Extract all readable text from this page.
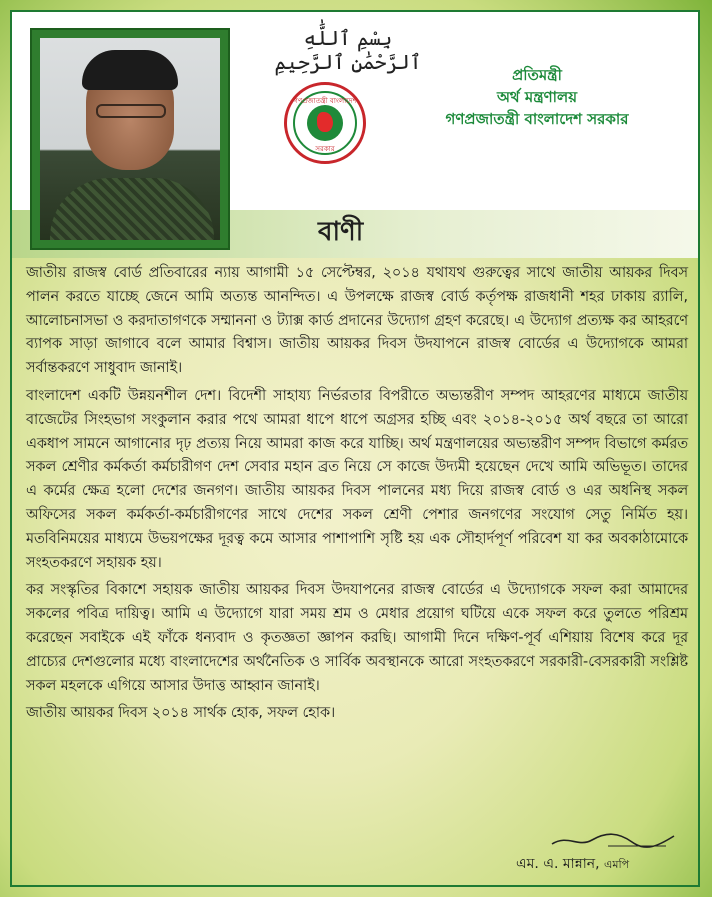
بِسْمِ ٱللَّٰهِ ٱلرَّحْمَٰنِ ٱلرَّحِيمِ
গণপ্রজাতন্ত্রী বাংলাদেশ
সরকার
প্রতিমন্ত্রী
অর্থ মন্ত্রণালয়
গণপ্রজাতন্ত্রী বাংলাদেশ সরকার
বাণী

জাতীয় রাজস্ব বোর্ড প্রতিবারের ন্যায় আগামী ১৫ সেপ্টেম্বর, ২০১৪ যথাযথ গুরুত্বের সাথে জাতীয় আয়কর দিবস পালন করতে যাচ্ছে জেনে আমি অত্যন্ত আনন্দিত। এ উপলক্ষে রাজস্ব বোর্ড কর্তৃপক্ষ রাজধানী শহর ঢাকায় র‌্যালি, আলোচনাসভা ও করদাতাগণকে সম্মাননা ও ট্যাক্স কার্ড প্রদানের উদ্যোগ গ্রহণ করেছে। এ উদ্যোগ প্রত্যক্ষ কর আহরণে ব্যাপক সাড়া জাগাবে বলে আমার বিশ্বাস। জাতীয় আয়কর দিবস উদযাপনে রাজস্ব বোর্ডের এ উদ্যোগকে আমরা সর্বান্তকরণে সাধুবাদ জানাই।

বাংলাদেশ একটি উন্নয়নশীল দেশ। বিদেশী সাহায্য নির্ভরতার বিপরীতে অভ্যন্তরীণ সম্পদ আহরণের মাধ্যমে জাতীয় বাজেটের সিংহভাগ সংকুলান করার পথে আমরা ধাপে ধাপে অগ্রসর হচ্ছি এবং ২০১৪-২০১৫ অর্থ বছরে তা আরো একধাপ সামনে আগানোর দৃঢ় প্রত্যয় নিয়ে আমরা কাজ করে যাচ্ছি। অর্থ মন্ত্রণালয়ের অভ্যন্তরীণ সম্পদ বিভাগে কর্মরত সকল শ্রেণীর কর্মকর্তা কর্মচারীগণ দেশ সেবার মহান ব্রত নিয়ে সে কাজে উদ্যমী হয়েছেন দেখে আমি অভিভূত। তাদের এ কর্মের ক্ষেত্র হলো দেশের জনগণ। জাতীয় আয়কর দিবস পালনের মধ্য দিয়ে রাজস্ব বোর্ড ও এর অধনিস্থ সকল অফিসের সকল কর্মকর্তা-কর্মচারীগণের সাথে দেশের সকল শ্রেণী পেশার জনগণের সংযোগ সেতু নির্মিত হয়। মতবিনিময়ের মাধ্যমে উভয়পক্ষের দূরত্ব কমে আসার পাশাপাশি সৃষ্টি হয় এক সৌহার্দপূর্ণ পরিবেশ যা কর অবকাঠামোকে সংহতকরণে সহায়ক হয়।

কর সংস্কৃতির বিকাশে সহায়ক জাতীয় আয়কর দিবস উদযাপনের রাজস্ব বোর্ডের এ উদ্যোগকে সফল করা আমাদের সকলের পবিত্র দায়িত্ব। আমি এ উদ্যোগে যারা সময় শ্রম ও মেধার প্রয়োগ ঘটিয়ে একে সফল করে তুলতে পরিশ্রম করেছেন সবাইকে এই ফাঁকে ধন্যবাদ ও কৃতজ্ঞতা জ্ঞাপন করছি। আগামী দিনে দক্ষিণ-পূর্ব এশিয়ায় বিশেষ করে দূর প্রাচ্যের দেশগুলোর মধ্যে বাংলাদেশের অর্থনৈতিক ও সার্বিক অবস্থানকে আরো সংহতকরণে সরকারী-বেসরকারী সংশ্লিষ্ট সকল মহলকে এগিয়ে আসার উদাত্ত আহ্বান জানাই।

জাতীয় আয়কর দিবস ২০১৪ সার্থক হোক, সফল হোক।

এম. এ. মান্নান, এমপি
